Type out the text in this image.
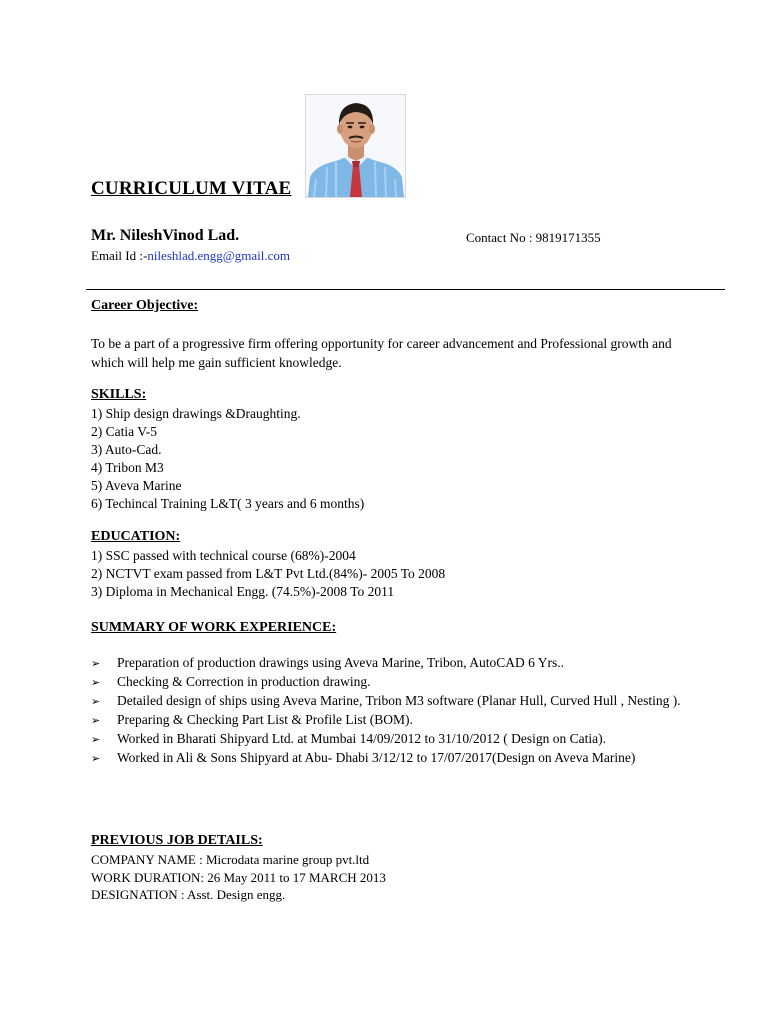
CURRICULUM VITAE
Mr. NileshVinod Lad.	Contact No : 9819171355
Email Id :-nileshlad.engg@gmail.com
Career Objective:
To be a part of a progressive firm offering opportunity for career advancement and Professional growth and which will help me gain sufficient knowledge.
SKILLS:
1) Ship design drawings &Draughting.
2) Catia V-5
3) Auto-Cad.
4) Tribon M3
5) Aveva Marine
6) Techincal Training L&T( 3 years and 6 months)
EDUCATION:
1) SSC passed with technical course (68%)-2004
2) NCTVT exam passed from L&T Pvt Ltd.(84%)- 2005 To 2008
3) Diploma in Mechanical Engg. (74.5%)-2008 To 2011
SUMMARY OF WORK EXPERIENCE:
➢ Preparation of production drawings using Aveva Marine, Tribon, AutoCAD 6 Yrs..
➢ Checking & Correction in production drawing.
➢ Detailed design of ships using Aveva Marine, Tribon M3 software (Planar Hull, Curved Hull , Nesting ).
➢ Preparing & Checking Part List & Profile List (BOM).
➢ Worked in Bharati Shipyard Ltd. at Mumbai 14/09/2012 to 31/10/2012 ( Design on Catia).
➢ Worked in Ali & Sons Shipyard at Abu- Dhabi 3/12/12 to 17/07/2017(Design on Aveva Marine)
PREVIOUS JOB DETAILS:
COMPANY NAME : Microdata marine group pvt.ltd
WORK DURATION: 26 May 2011 to 17 MARCH 2013
DESIGNATION : Asst. Design engg.
